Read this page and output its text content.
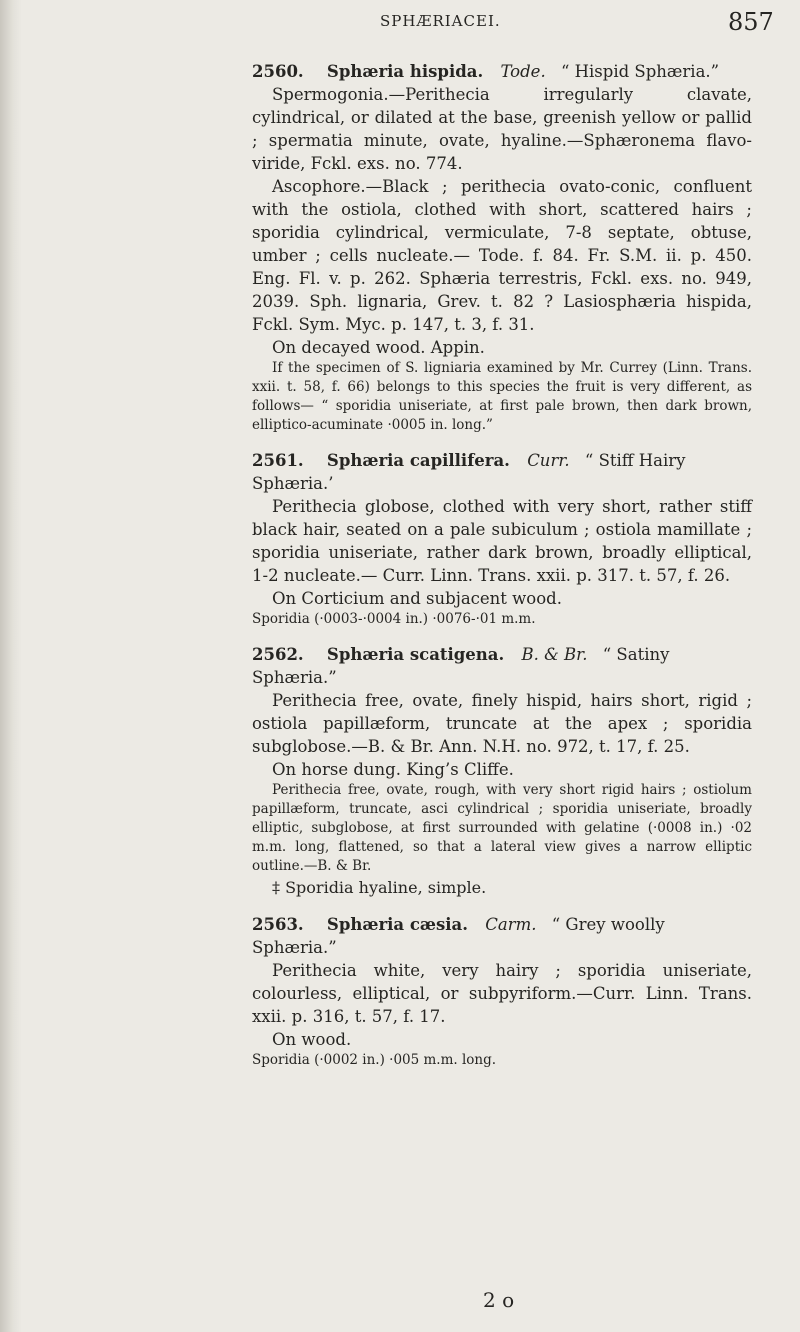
SPHÆRIACEI.	857
2560. Sphæria hispida. Tode. “ Hispid Sphæria.”

Spermogonia.—Perithecia irregularly clavate, cylindrical, or dilated at the base, greenish yellow or pallid ; spermatia minute, ovate, hyaline.—Sphæronema flavo-viride, Fckl. exs. no. 774.

Ascophore.—Black ; perithecia ovato-conic, confluent with the ostiola, clothed with short, scattered hairs ; sporidia cylindrical, vermiculate, 7-8 septate, obtuse, umber ; cells nucleate.— Tode. f. 84. Fr. S.M. ii. p. 450. Eng. Fl. v. p. 262. Sphæria terrestris, Fckl. exs. no. 949, 2039. Sph. lignaria, Grev. t. 82 ? Lasiosphæria hispida, Fckl. Sym. Myc. p. 147, t. 3, f. 31.

On decayed wood. Appin.

If the specimen of S. ligniaria examined by Mr. Currey (Linn. Trans. xxii. t. 58, f. 66) belongs to this species the fruit is very different, as follows— “ sporidia uniseriate, at first pale brown, then dark brown, elliptico-acuminate ·0005 in. long.”

2561. Sphæria capillifera. Curr. “ Stiff Hairy Sphæria.’

Perithecia globose, clothed with very short, rather stiff black hair, seated on a pale subiculum ; ostiola mamillate ; sporidia uniseriate, rather dark brown, broadly elliptical, 1-2 nucleate.— Curr. Linn. Trans. xxii. p. 317. t. 57, f. 26.

On Corticium and subjacent wood.

Sporidia (·0003-·0004 in.) ·0076-·01 m.m.

2562. Sphæria scatigena. B. & Br. “ Satiny Sphæria.”

Perithecia free, ovate, finely hispid, hairs short, rigid ; ostiola papillæform, truncate at the apex ; sporidia subglobose.—B. & Br. Ann. N.H. no. 972, t. 17, f. 25.

On horse dung. King’s Cliffe.

Perithecia free, ovate, rough, with very short rigid hairs ; ostiolum papillæform, truncate, asci cylindrical ; sporidia uniseriate, broadly elliptic, subglobose, at first surrounded with gelatine (·0008 in.) ·02 m.m. long, flattened, so that a lateral view gives a narrow elliptic outline.—B. & Br.

‡ Sporidia hyaline, simple.

2563. Sphæria cæsia. Carm. “ Grey woolly Sphæria.”

Perithecia white, very hairy ; sporidia uniseriate, colourless, elliptical, or subpyriform.—Curr. Linn. Trans. xxii. p. 316, t. 57, f. 17.

On wood.

Sporidia (·0002 in.) ·005 m.m. long.

2 o
